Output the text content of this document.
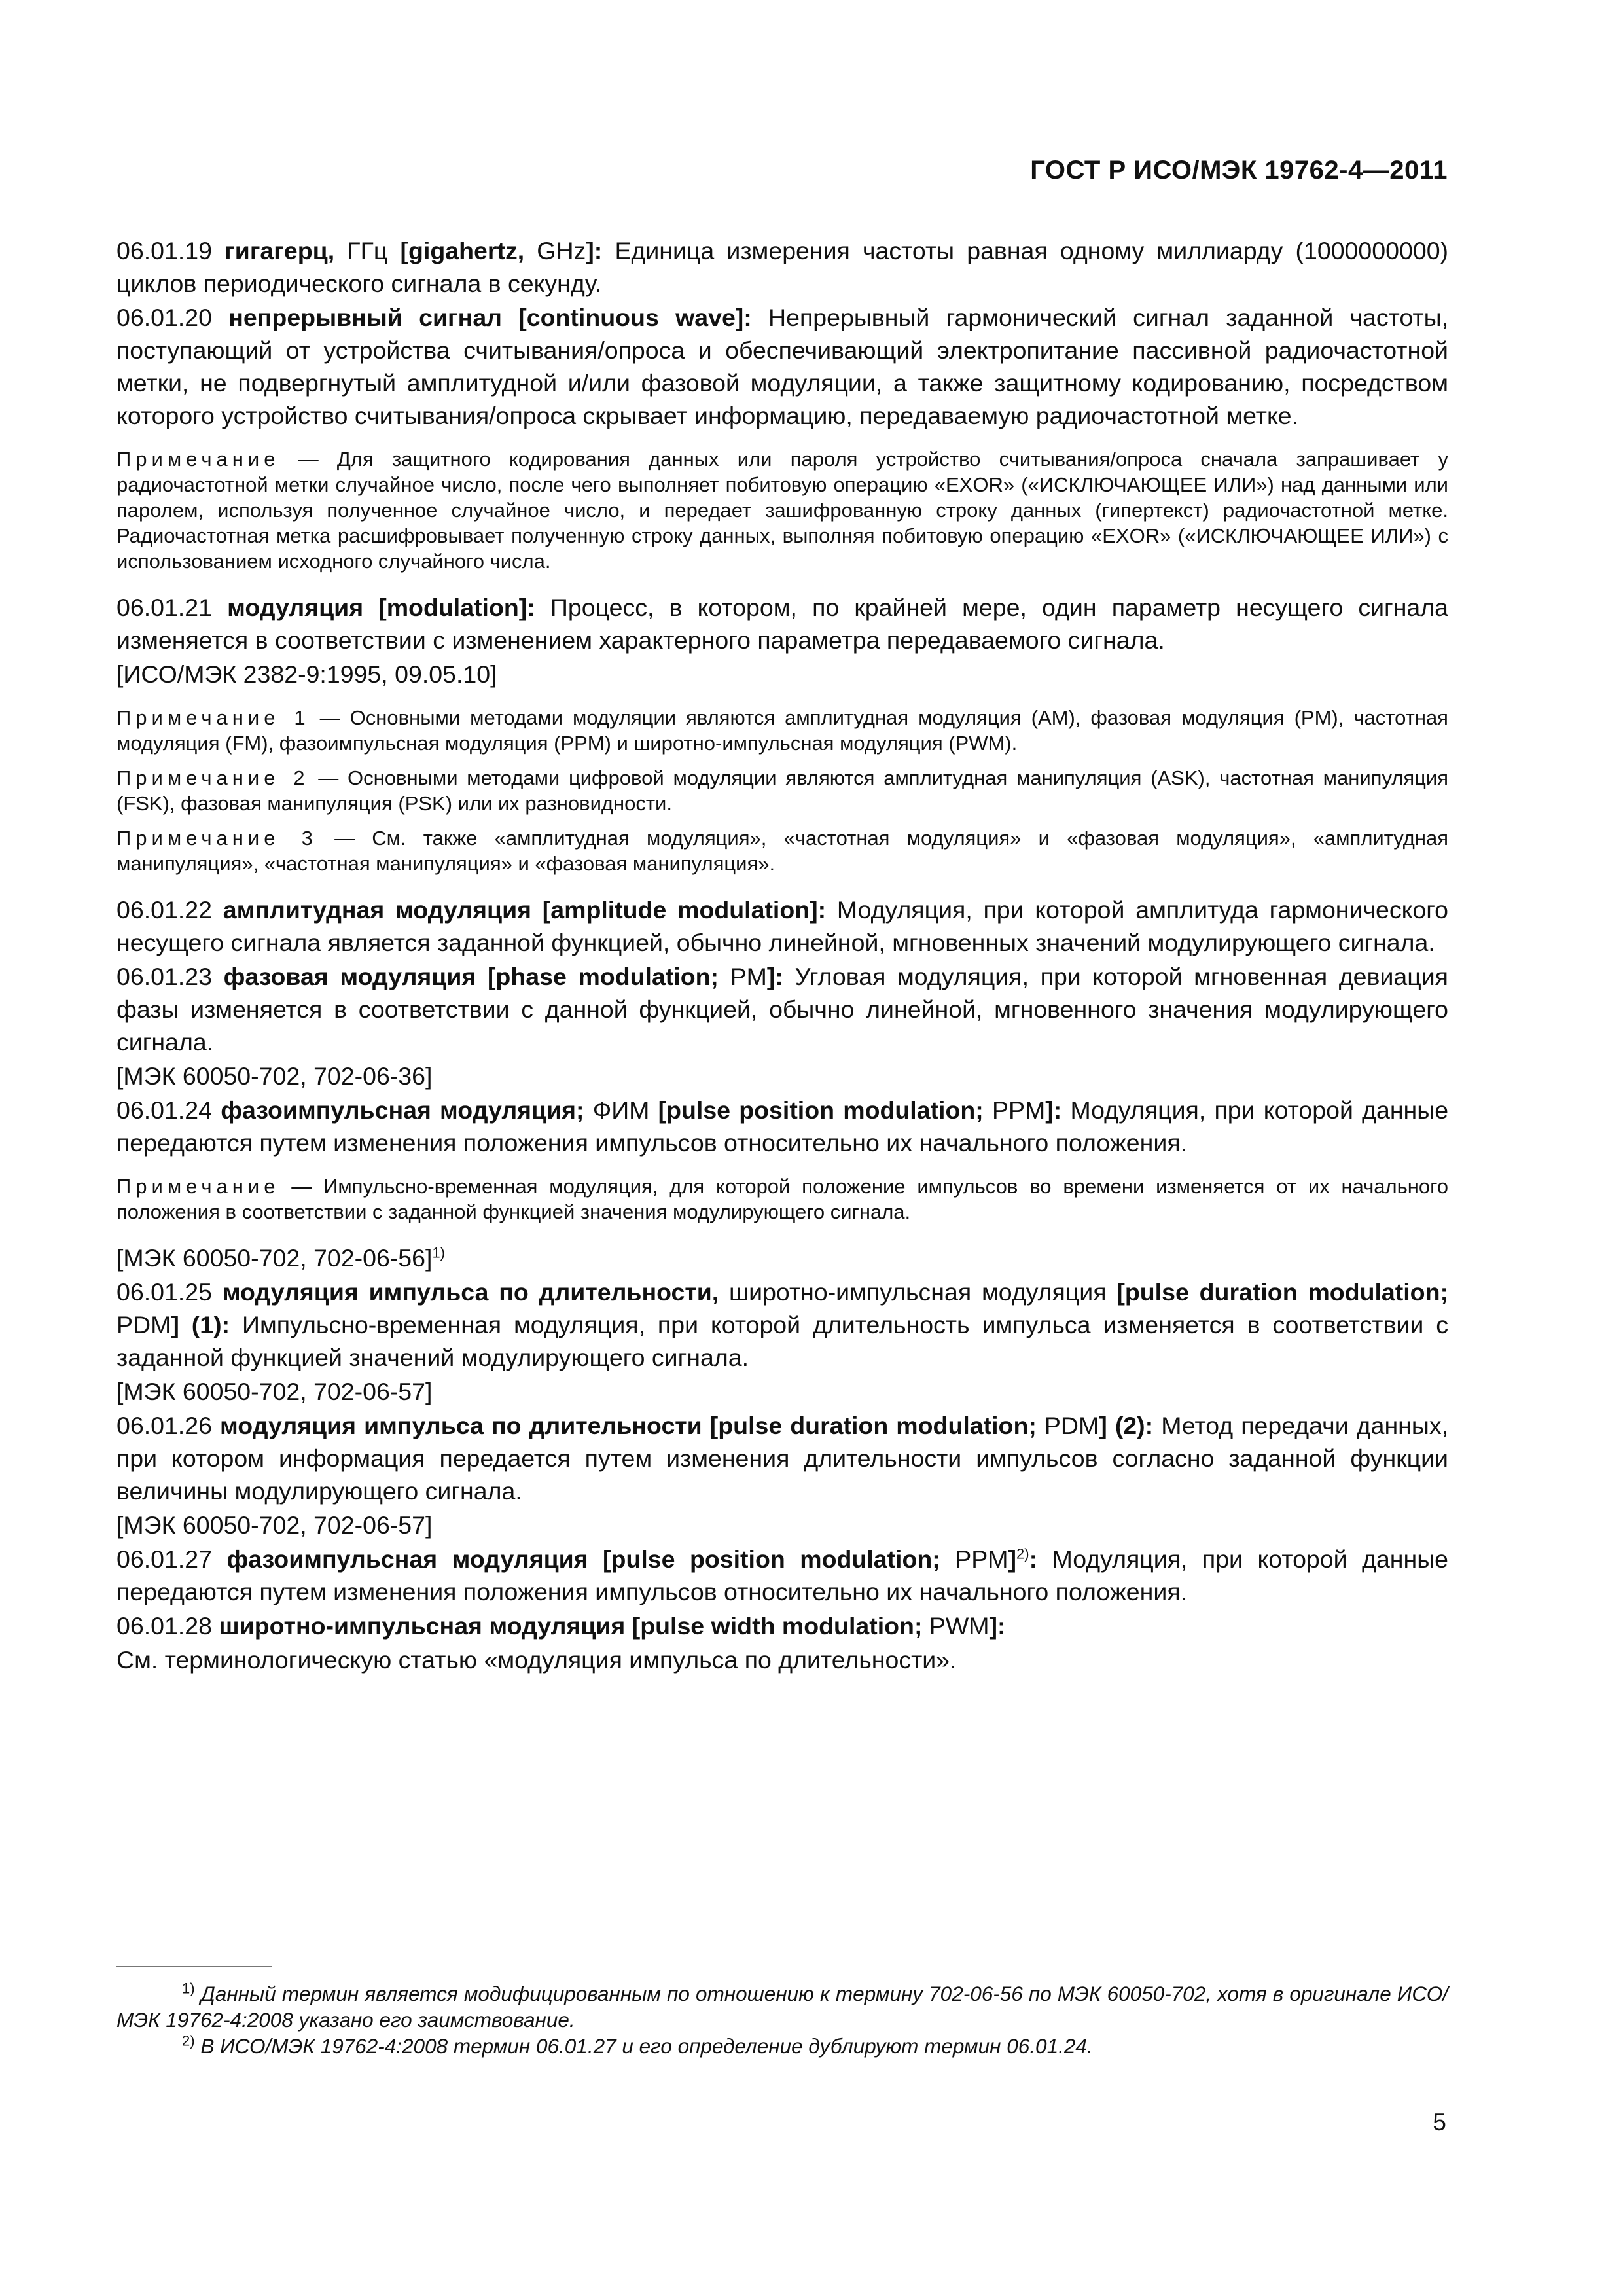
ГОСТ Р ИСО/МЭК 19762-4—2011

06.01.19 гигагерц, ГГц [gigahertz, GHz]: Единица измерения частоты равная одному миллиарду (1000000000) циклов периодического сигнала в секунду.

06.01.20 непрерывный сигнал [continuous wave]: Непрерывный гармонический сигнал заданной частоты, поступающий от устройства считывания/опроса и обеспечивающий электропитание пассивной радиочастотной метки, не подвергнутый амплитудной и/или фазовой модуляции, а также защитному кодированию, посредством которого устройство считывания/опроса скрывает информацию, передаваемую радиочастотной метке.

Примечание — Для защитного кодирования данных или пароля устройство считывания/опроса сначала запрашивает у радиочастотной метки случайное число, после чего выполняет побитовую операцию «EXOR» («ИСКЛЮЧАЮЩЕЕ ИЛИ») над данными или паролем, используя полученное случайное число, и передает зашифрованную строку данных (гипертекст) радиочастотной метке. Радиочастотная метка расшифровывает полученную строку данных, выполняя побитовую операцию «EXOR» («ИСКЛЮЧАЮЩЕЕ ИЛИ») с использованием исходного случайного числа.

06.01.21 модуляция [modulation]: Процесс, в котором, по крайней мере, один параметр несущего сигнала изменяется в соответствии с изменением характерного параметра передаваемого сигнала.

[ИСО/МЭК 2382-9:1995, 09.05.10]

Примечание 1 — Основными методами модуляции являются амплитудная модуляция (AM), фазовая модуляция (PM), частотная модуляция (FM), фазоимпульсная модуляция (PPM) и широтно-импульсная модуляция (PWM).

Примечание 2 — Основными методами цифровой модуляции являются амплитудная манипуляция (ASK), частотная манипуляция (FSK), фазовая манипуляция (PSK) или их разновидности.

Примечание 3 — См. также «амплитудная модуляция», «частотная модуляция» и «фазовая модуляция», «амплитудная манипуляция», «частотная манипуляция» и «фазовая манипуляция».

06.01.22 амплитудная модуляция [amplitude modulation]: Модуляция, при которой амплитуда гармонического несущего сигнала является заданной функцией, обычно линейной, мгновенных значений модулирующего сигнала.

06.01.23 фазовая модуляция [phase modulation; PM]: Угловая модуляция, при которой мгновенная девиация фазы изменяется в соответствии с данной функцией, обычно линейной, мгновенного значения модулирующего сигнала.

[МЭК 60050-702, 702-06-36]

06.01.24 фазоимпульсная модуляция; ФИМ [pulse position modulation; PPM]: Модуляция, при которой данные передаются путем изменения положения импульсов относительно их начального положения.

Примечание — Импульсно-временная модуляция, для которой положение импульсов во времени изменяется от их начального положения в соответствии с заданной функцией значения модулирующего сигнала.

[МЭК 60050-702, 702-06-56]$^{1)}$

06.01.25 модуляция импульса по длительности, широтно-импульсная модуляция [pulse duration modulation; PDM] (1): Импульсно-временная модуляция, при которой длительность импульса изменяется в соответствии с заданной функцией значений модулирующего сигнала.

[МЭК 60050-702, 702-06-57]

06.01.26 модуляция импульса по длительности [pulse duration modulation; PDM] (2): Метод передачи данных, при котором информация передается путем изменения длительности импульсов согласно заданной функции величины модулирующего сигнала.

[МЭК 60050-702, 702-06-57]

06.01.27 фазоимпульсная модуляция [pulse position modulation; PPM]$^{2)}$: Модуляция, при которой данные передаются путем изменения положения импульсов относительно их начального положения.

06.01.28 широтно-импульсная модуляция [pulse width modulation; PWM]:

См. терминологическую статью «модуляция импульса по длительности».

$^{1)}$ Данный термин является модифицированным по отношению к термину 702-06-56 по МЭК 60050-702, хотя в оригинале ИСО/МЭК 19762-4:2008 указано его заимствование.

$^{2)}$ В ИСО/МЭК 19762-4:2008 термин 06.01.27 и его определение дублируют термин 06.01.24.

5
